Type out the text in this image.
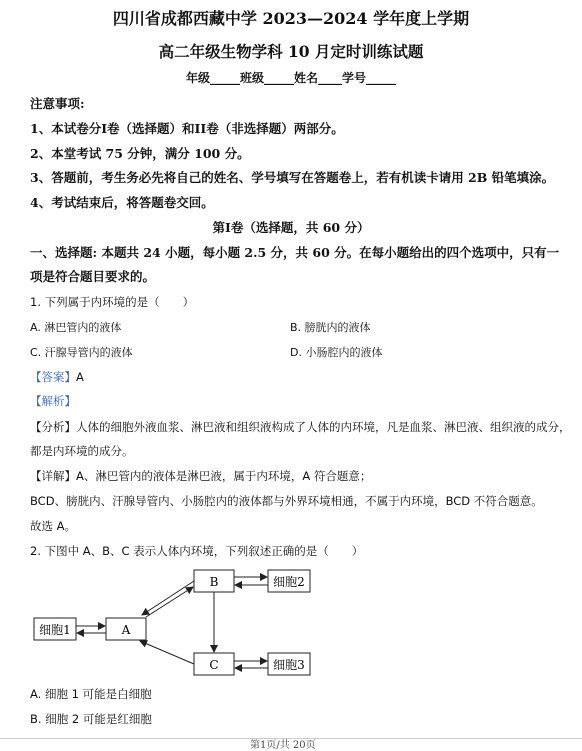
四川省成都西藏中学 2023—2024 学年度上学期
高二年级生物学科 10 月定时训练试题
年级_____班级_____姓名____学号_____
注意事项:
1、本试卷分I卷（选择题）和II卷（非选择题）两部分。
2、本堂考试 75 分钟，满分 100 分。
3、答题前，考生务必先将自己的姓名、学号填写在答题卷上，若有机读卡请用 2B 铅笔填涂。
4、考试结束后，将答题卷交回。
第I卷（选择题，共 60 分）
一、选择题: 本题共 24 小题，每小题 2.5 分，共 60 分。在每小题给出的四个选项中，只有一
项是符合题目要求的。
1. 下列属于内环境的是（　　）
A. 淋巴管内的液体	B. 膀胱内的液体
C. 汗腺导管内的液体	D. 小肠腔内的液体
【答案】A
【解析】
【分析】人体的细胞外液血浆、淋巴液和组织液构成了人体的内环境，凡是血浆、淋巴液、组织液的成分，
都是内环境的成分。
【详解】A、淋巴管内的液体是淋巴液，属于内环境，A 符合题意；
BCD、膀胱内、汗腺导管内、小肠腔内的液体都与外界环境相通，不属于内环境，BCD 不符合题意。
故选 A。
2. 下图中 A、B、C 表示人体内环境，下列叙述正确的是（　　）
细胞1	A
B	细胞2
C	细胞3
A. 细胞 1 可能是白细胞
B. 细胞 2 可能是红细胞
第1页/共 20页
